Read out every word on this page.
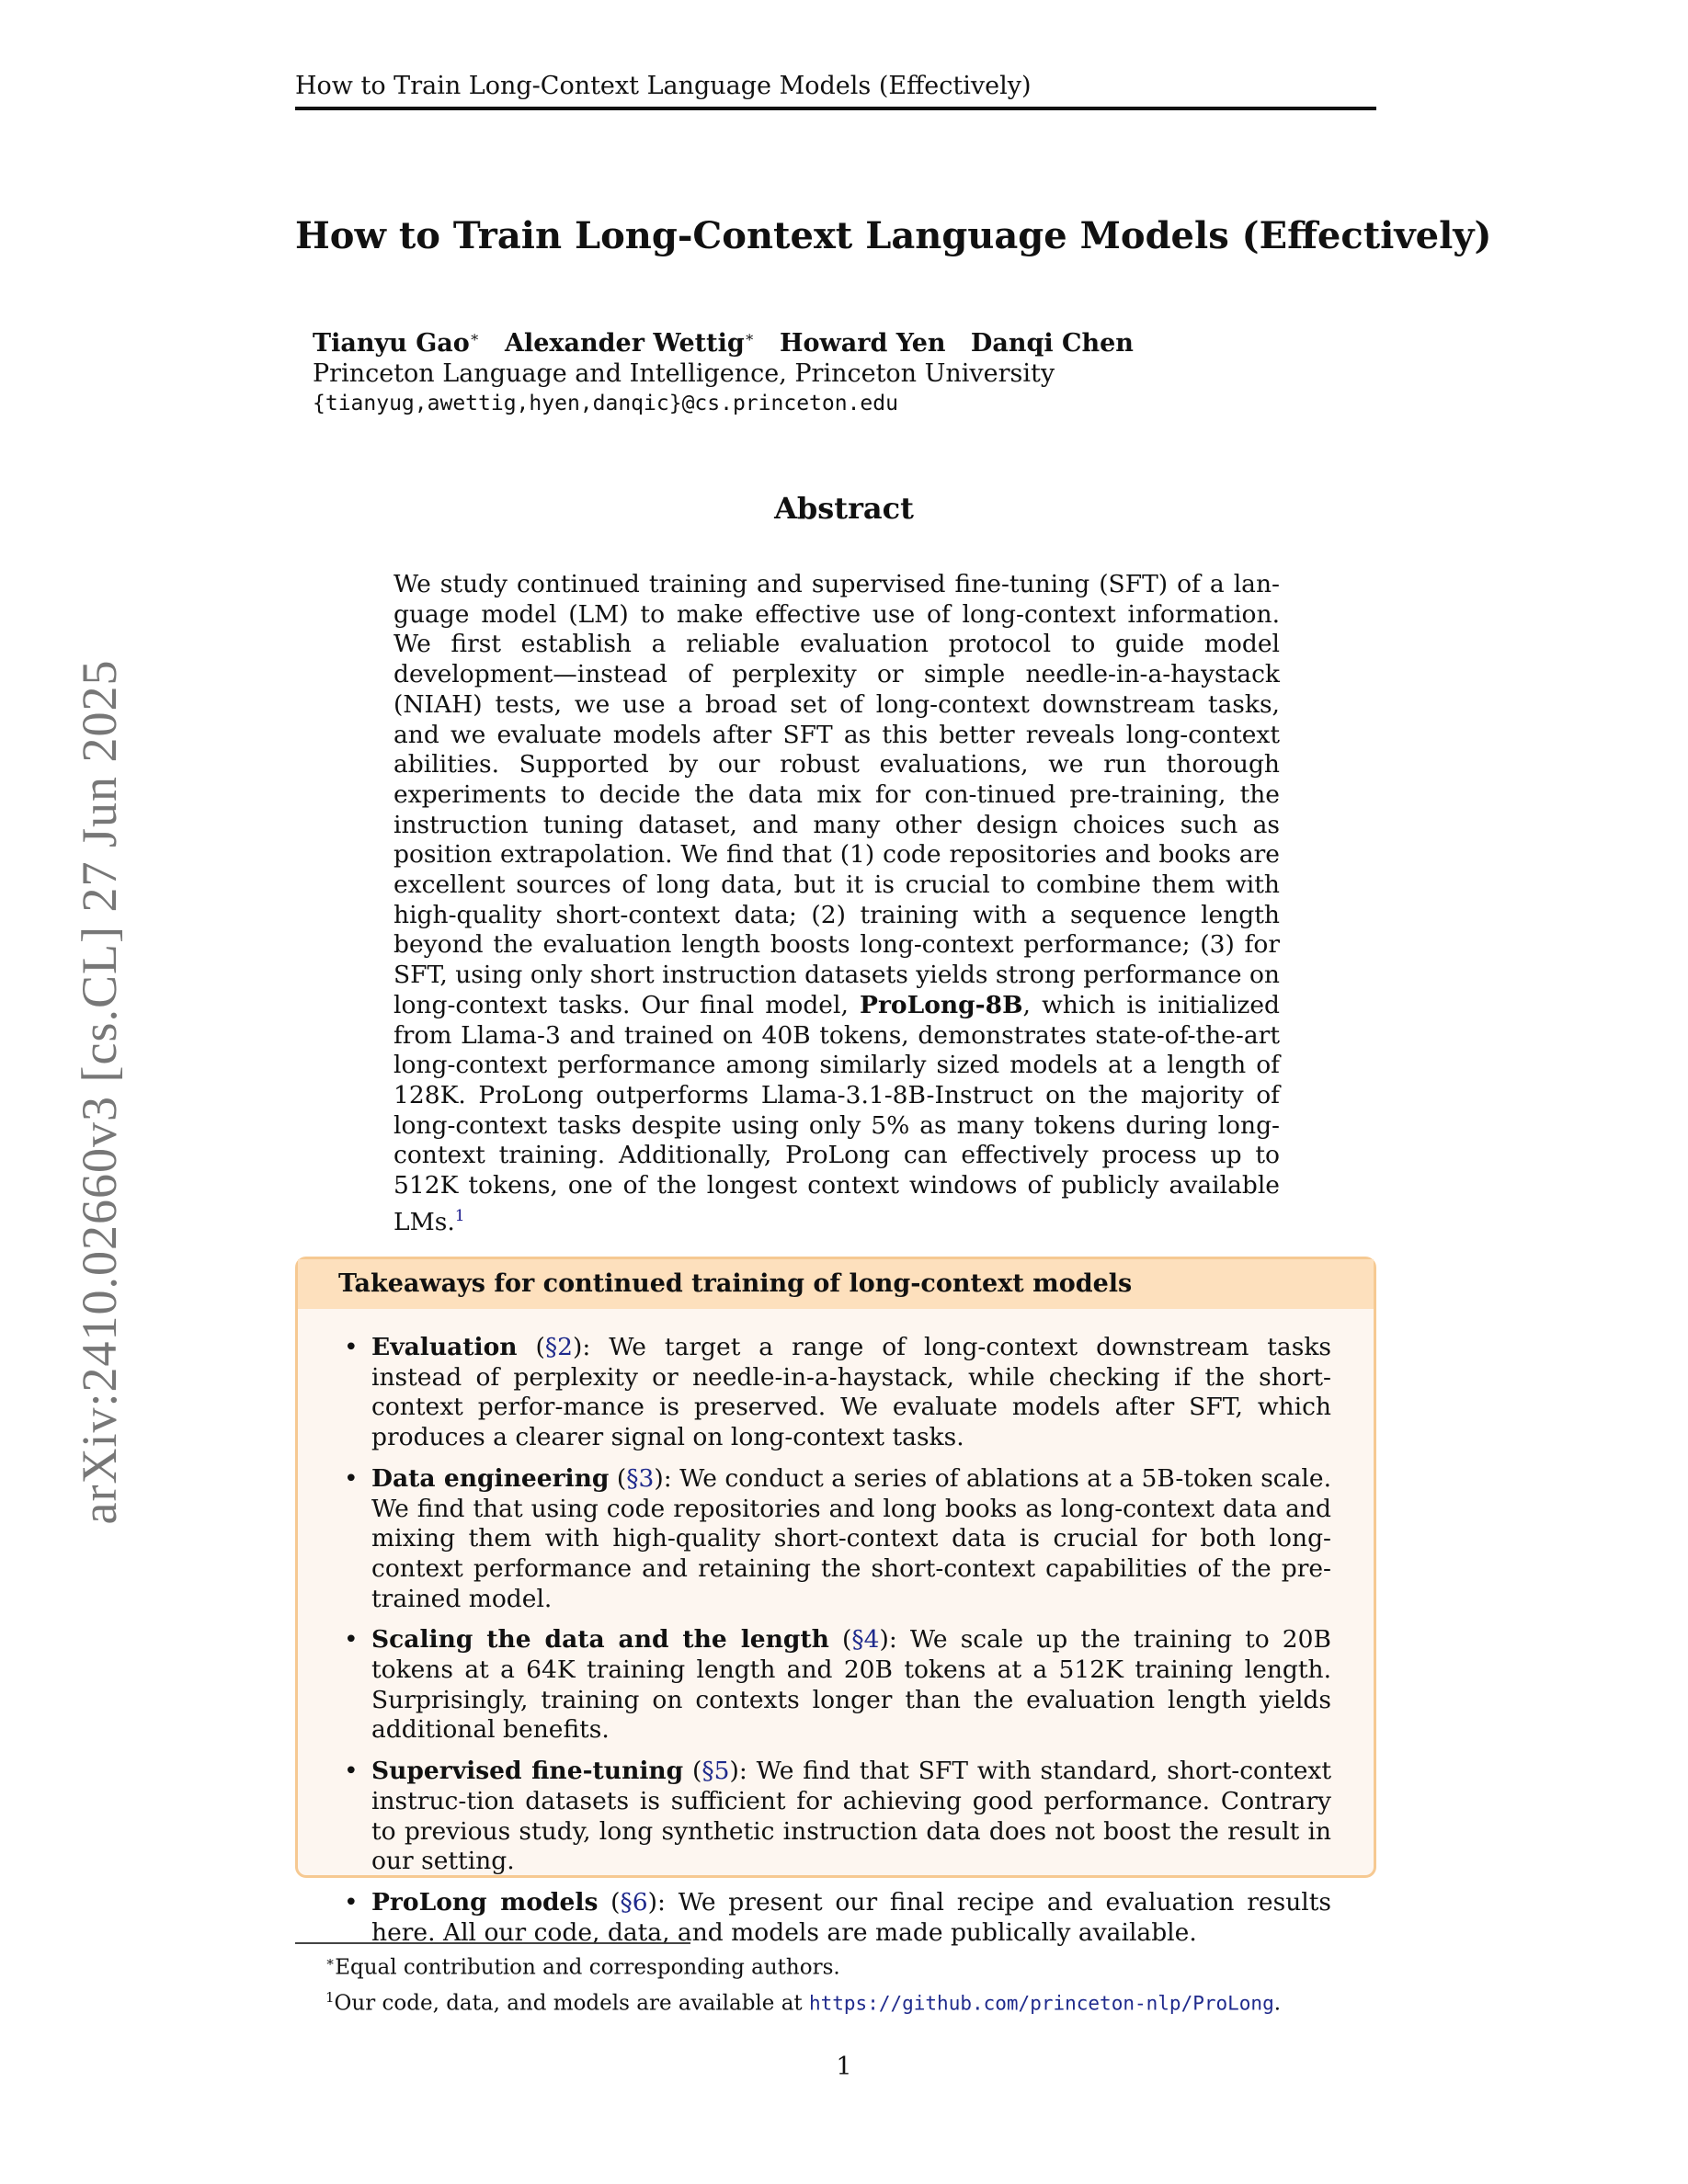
How to Train Long-Context Language Models (Effectively)
arXiv:2410.02660v3 [cs.CL] 27 Jun 2025
How to Train Long-Context Language Models (Effectively)
Tianyu Gao∗ Alexander Wettig∗ Howard Yen Danqi Chen
Princeton Language and Intelligence, Princeton University
{tianyug,awettig,hyen,danqic}@cs.princeton.edu
Abstract
We study continued training and supervised fine-tuning (SFT) of a lan-guage model (LM) to make effective use of long-context information. We first establish a reliable evaluation protocol to guide model development—instead of perplexity or simple needle-in-a-haystack (NIAH) tests, we use a broad set of long-context downstream tasks, and we evaluate models after SFT as this better reveals long-context abilities. Supported by our robust evaluations, we run thorough experiments to decide the data mix for con-tinued pre-training, the instruction tuning dataset, and many other design choices such as position extrapolation. We find that (1) code repositories and books are excellent sources of long data, but it is crucial to combine them with high-quality short-context data; (2) training with a sequence length beyond the evaluation length boosts long-context performance; (3) for SFT, using only short instruction datasets yields strong performance on long-context tasks. Our final model, ProLong-8B, which is initialized from Llama-3 and trained on 40B tokens, demonstrates state-of-the-art long-context performance among similarly sized models at a length of 128K. ProLong outperforms Llama-3.1-8B-Instruct on the majority of long-context tasks despite using only 5% as many tokens during long-context training. Additionally, ProLong can effectively process up to 512K tokens, one of the longest context windows of publicly available LMs.$^1$
Takeaways for continued training of long-context models
• Evaluation (§2): We target a range of long-context downstream tasks instead of perplexity or needle-in-a-haystack, while checking if the short-context perfor-mance is preserved. We evaluate models after SFT, which produces a clearer signal on long-context tasks.
• Data engineering (§3): We conduct a series of ablations at a 5B-token scale. We find that using code repositories and long books as long-context data and mixing them with high-quality short-context data is crucial for both long-context performance and retaining the short-context capabilities of the pre-trained model.
• Scaling the data and the length (§4): We scale up the training to 20B tokens at a 64K training length and 20B tokens at a 512K training length. Surprisingly, training on contexts longer than the evaluation length yields additional benefits.
• Supervised fine-tuning (§5): We find that SFT with standard, short-context instruc-tion datasets is sufficient for achieving good performance. Contrary to previous study, long synthetic instruction data does not boost the result in our setting.
• ProLong models (§6): We present our final recipe and evaluation results here. All our code, data, and models are made publically available.
∗Equal contribution and corresponding authors.
$^1$Our code, data, and models are available at https://github.com/princeton-nlp/ProLong.
1
